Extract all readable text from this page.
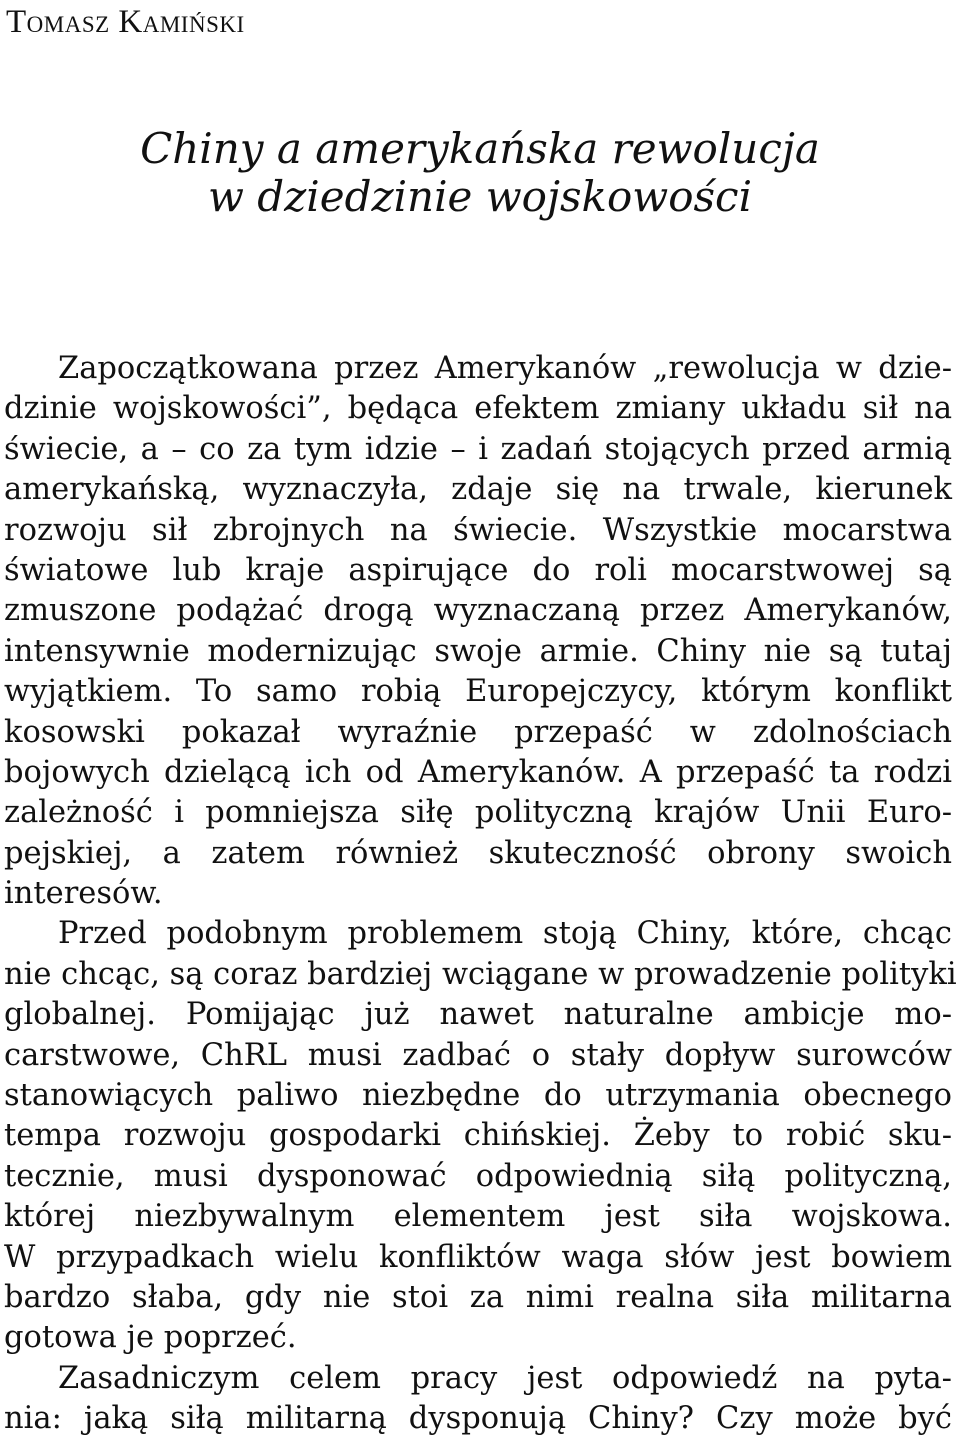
Tomasz Kamiński
Chiny a amerykańska rewolucja
w dziedzinie wojskowości
Zapoczątkowana przez Amerykanów „rewolucja w dzie-
dzinie wojskowości”, będąca efektem zmiany układu sił na
świecie, a – co za tym idzie – i zadań stojących przed armią
amerykańską, wyznaczyła, zdaje się na trwale, kierunek
rozwoju sił zbrojnych na świecie. Wszystkie mocarstwa
światowe lub kraje aspirujące do roli mocarstwowej są
zmuszone podążać drogą wyznaczaną przez Amerykanów,
intensywnie modernizując swoje armie. Chiny nie są tutaj
wyjątkiem. To samo robią Europejczycy, którym konflikt
kosowski pokazał wyraźnie przepaść w zdolnościach
bojowych dzielącą ich od Amerykanów. A przepaść ta rodzi
zależność i pomniejsza siłę polityczną krajów Unii Euro-
pejskiej, a zatem również skuteczność obrony swoich
interesów.
Przed podobnym problemem stoją Chiny, które, chcąc
nie chcąc, są coraz bardziej wciągane w prowadzenie polityki
globalnej. Pomijając już nawet naturalne ambicje mo-
carstwowe, ChRL musi zadbać o stały dopływ surowców
stanowiących paliwo niezbędne do utrzymania obecnego
tempa rozwoju gospodarki chińskiej. Żeby to robić sku-
tecznie, musi dysponować odpowiednią siłą polityczną,
której niezbywalnym elementem jest siła wojskowa.
W przypadkach wielu konfliktów waga słów jest bowiem
bardzo słaba, gdy nie stoi za nimi realna siła militarna
gotowa je poprzeć.
Zasadniczym celem pracy jest odpowiedź na pyta-
nia: jaką siłą militarną dysponują Chiny? Czy może być
